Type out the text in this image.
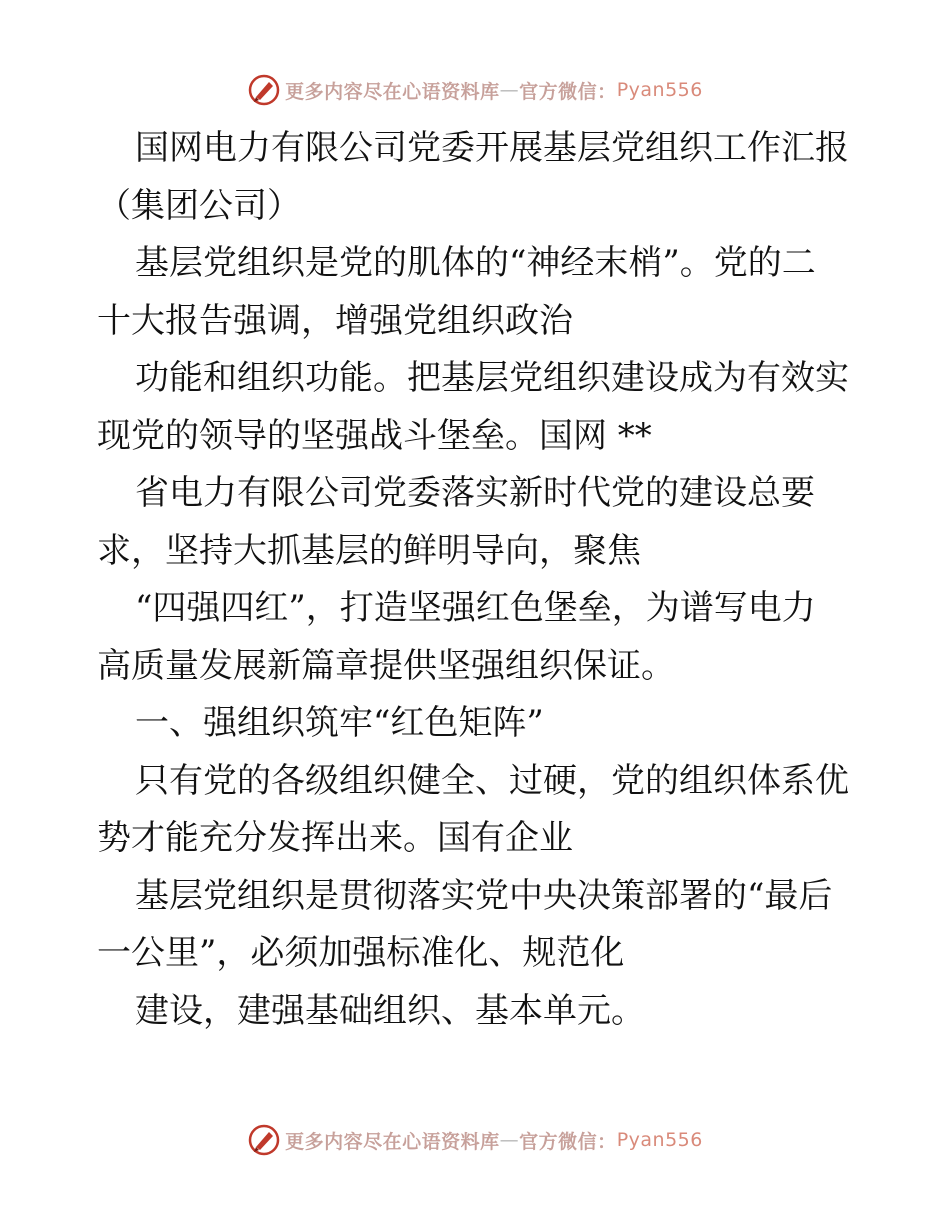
更多内容尽在心语资料库 — 官方微信： Pyan556

国网电力有限公司党委开展基层党组织工作汇报

（集团公司）

基层党组织是党的肌体的“神经末梢”。党的二

十大报告强调，增强党组织政治

功能和组织功能。把基层党组织建设成为有效实

现党的领导的坚强战斗堡垒。国网 **

省电力有限公司党委落实新时代党的建设总要

求，坚持大抓基层的鲜明导向，聚焦

“四强四红”，打造坚强红色堡垒，为谱写电力

高质量发展新篇章提供坚强组织保证。

一、强组织筑牢“红色矩阵”

只有党的各级组织健全、过硬，党的组织体系优

势才能充分发挥出来。国有企业

基层党组织是贯彻落实党中央决策部署的“最后

一公里”，必须加强标准化、规范化

建设，建强基础组织、基本单元。

更多内容尽在心语资料库 — 官方微信： Pyan556
